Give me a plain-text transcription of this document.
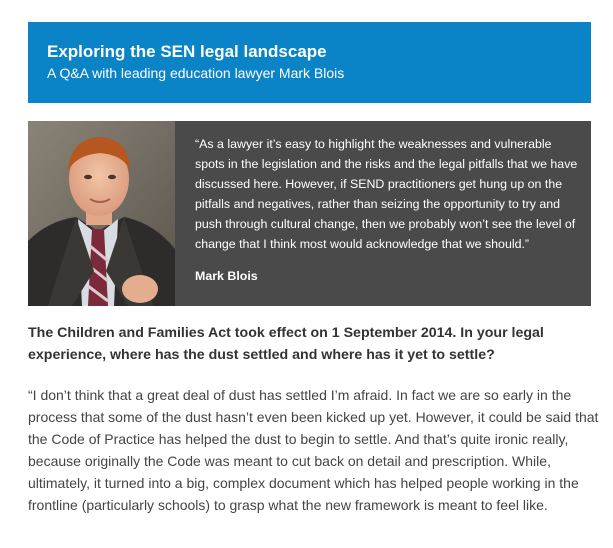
Exploring the SEN legal landscape

A Q&A with leading education lawyer Mark Blois

“As a lawyer it’s easy to highlight the weaknesses and vulnerable spots in the legislation and the risks and the legal pitfalls that we have discussed here. However, if SEND practitioners get hung up on the pitfalls and negatives, rather than seizing the opportunity to try and push through cultural change, then we probably won’t see the level of change that I think most would acknowledge that we should.”

Mark Blois

The Children and Families Act took effect on 1 September 2014. In your legal experience, where has the dust settled and where has it yet to settle?

“I don’t think that a great deal of dust has settled I’m afraid. In fact we are so early in the process that some of the dust hasn’t even been kicked up yet. However, it could be said that the Code of Practice has helped the dust to begin to settle. And that’s quite ironic really, because originally the Code was meant to cut back on detail and prescription. While, ultimately, it turned into a big, complex document which has helped people working in the frontline (particularly schools) to grasp what the new framework is meant to feel like.
